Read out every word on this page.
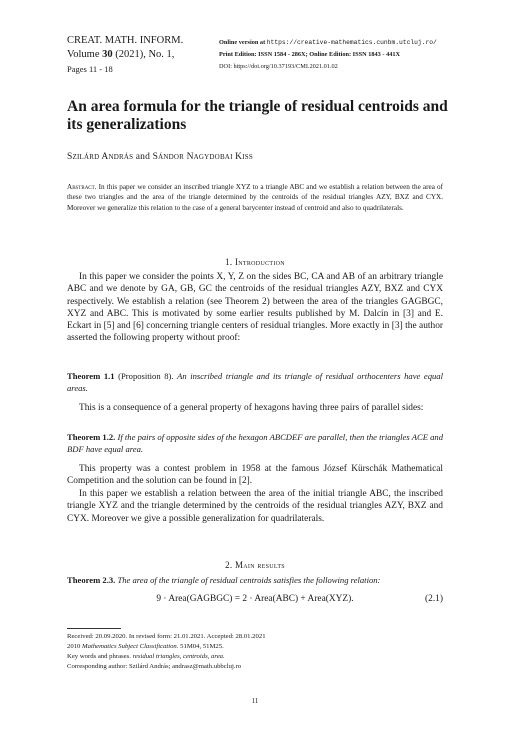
CREAT. MATH. INFORM.
Volume 30 (2021), No. 1,
Pages 11 - 18
Online version at https://creative-mathematics.cunbm.utcluj.ro/
Print Edition: ISSN 1584 - 286X; Online Edition: ISSN 1843 - 441X
DOI: https://doi.org/10.37193/CMI.2021.01.02
An area formula for the triangle of residual centroids and its generalizations
Szilárd András and Sándor Nagydobai Kiss
Abstract. In this paper we consider an inscribed triangle XYZ to a triangle ABC and we establish a relation between the area of these two triangles and the area of the triangle determined by the centroids of the residual triangles AZY, BXZ and CYX. Moreover we generalize this relation to the case of a general barycenter instead of centroid and also to quadrilaterals.
1. Introduction
In this paper we consider the points X, Y, Z on the sides BC, CA and AB of an arbitrary triangle ABC and we denote by GA, GB, GC the centroids of the residual triangles AZY, BXZ and CYX respectively. We establish a relation (see Theorem 2) between the area of the triangles GAGBGC, XYZ and ABC. This is motivated by some earlier results published by M. Dalcín in [3] and E. Eckart in [5] and [6] concerning triangle centers of residual triangles. More exactly in [3] the author asserted the following property without proof:
Theorem 1.1 (Proposition 8). An inscribed triangle and its triangle of residual orthocenters have equal areas.
This is a consequence of a general property of hexagons having three pairs of parallel sides:
Theorem 1.2. If the pairs of opposite sides of the hexagon ABCDEF are parallel, then the triangles ACE and BDF have equal area.
This property was a contest problem in 1958 at the famous József Kürschák Mathematical Competition and the solution can be found in [2].
In this paper we establish a relation between the area of the initial triangle ABC, the inscribed triangle XYZ and the triangle determined by the centroids of the residual triangles AZY, BXZ and CYX. Moreover we give a possible generalization for quadrilaterals.
2. Main results
Theorem 2.3. The area of the triangle of residual centroids satisfies the following relation:
9 · Area(GAGBGC) = 2 · Area(ABC) + Area(XYZ).	(2.1)
Received: 20.09.2020. In revised form: 21.01.2021. Accepted: 28.01.2021
2010 Mathematics Subject Classification. 51M04, 51M25.
Key words and phrases. residual triangles, centroids, area.
Corresponding author: Szilárd András; andrasz@math.ubbcluj.ro
11
